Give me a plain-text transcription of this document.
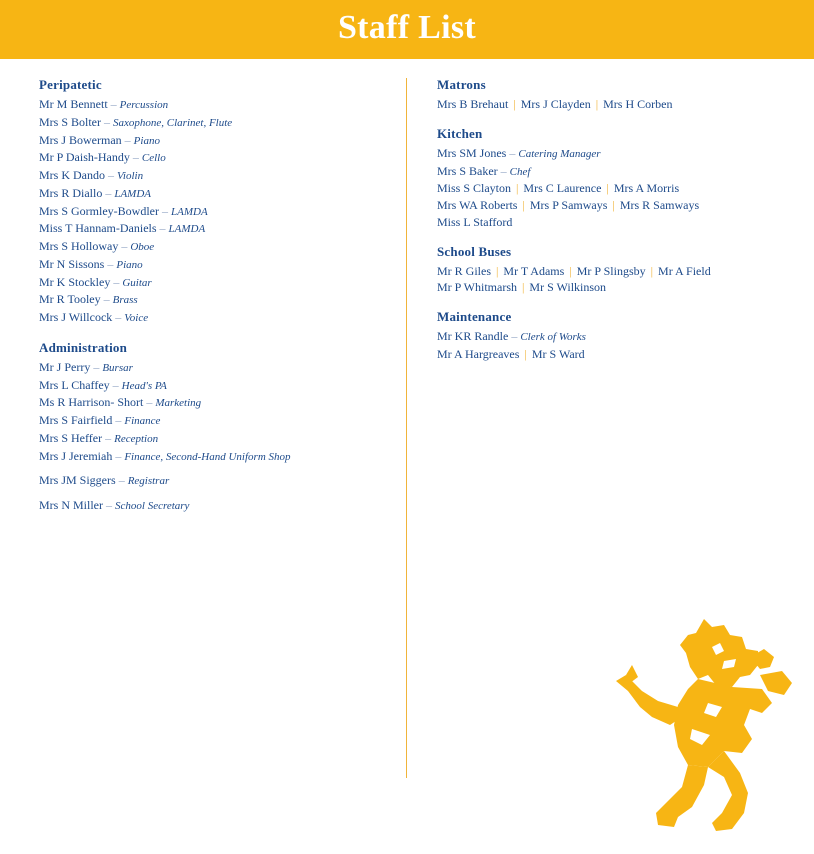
Staff List
Peripatetic
Mr M Bennett – Percussion
Mrs S Bolter – Saxophone, Clarinet, Flute
Mrs J Bowerman – Piano
Mr P Daish-Handy – Cello
Mrs K Dando – Violin
Mrs R Diallo – LAMDA
Mrs S Gormley-Bowdler – LAMDA
Miss T Hannam-Daniels – LAMDA
Mrs S Holloway – Oboe
Mr N Sissons – Piano
Mr K Stockley – Guitar
Mr R Tooley – Brass
Mrs J Willcock – Voice
Administration
Mr J Perry – Bursar
Mrs L Chaffey – Head's PA
Ms R Harrison- Short – Marketing
Mrs S Fairfield – Finance
Mrs S Heffer – Reception
Mrs J Jeremiah – Finance, Second-Hand Uniform Shop
Mrs JM Siggers – Registrar
Mrs N Miller – School Secretary
Matrons
Mrs B Brehaut | Mrs J Clayden | Mrs H Corben
Kitchen
Mrs SM Jones – Catering Manager
Mrs S Baker – Chef
Miss S Clayton | Mrs C Laurence | Mrs A Morris
Mrs WA Roberts | Mrs P Samways | Mrs R Samways
Miss L Stafford
School Buses
Mr R Giles | Mr T Adams | Mr P Slingsby | Mr A Field
Mr P Whitmarsh | Mr S Wilkinson
Maintenance
Mr KR Randle – Clerk of Works
Mr A Hargreaves | Mr S Ward
